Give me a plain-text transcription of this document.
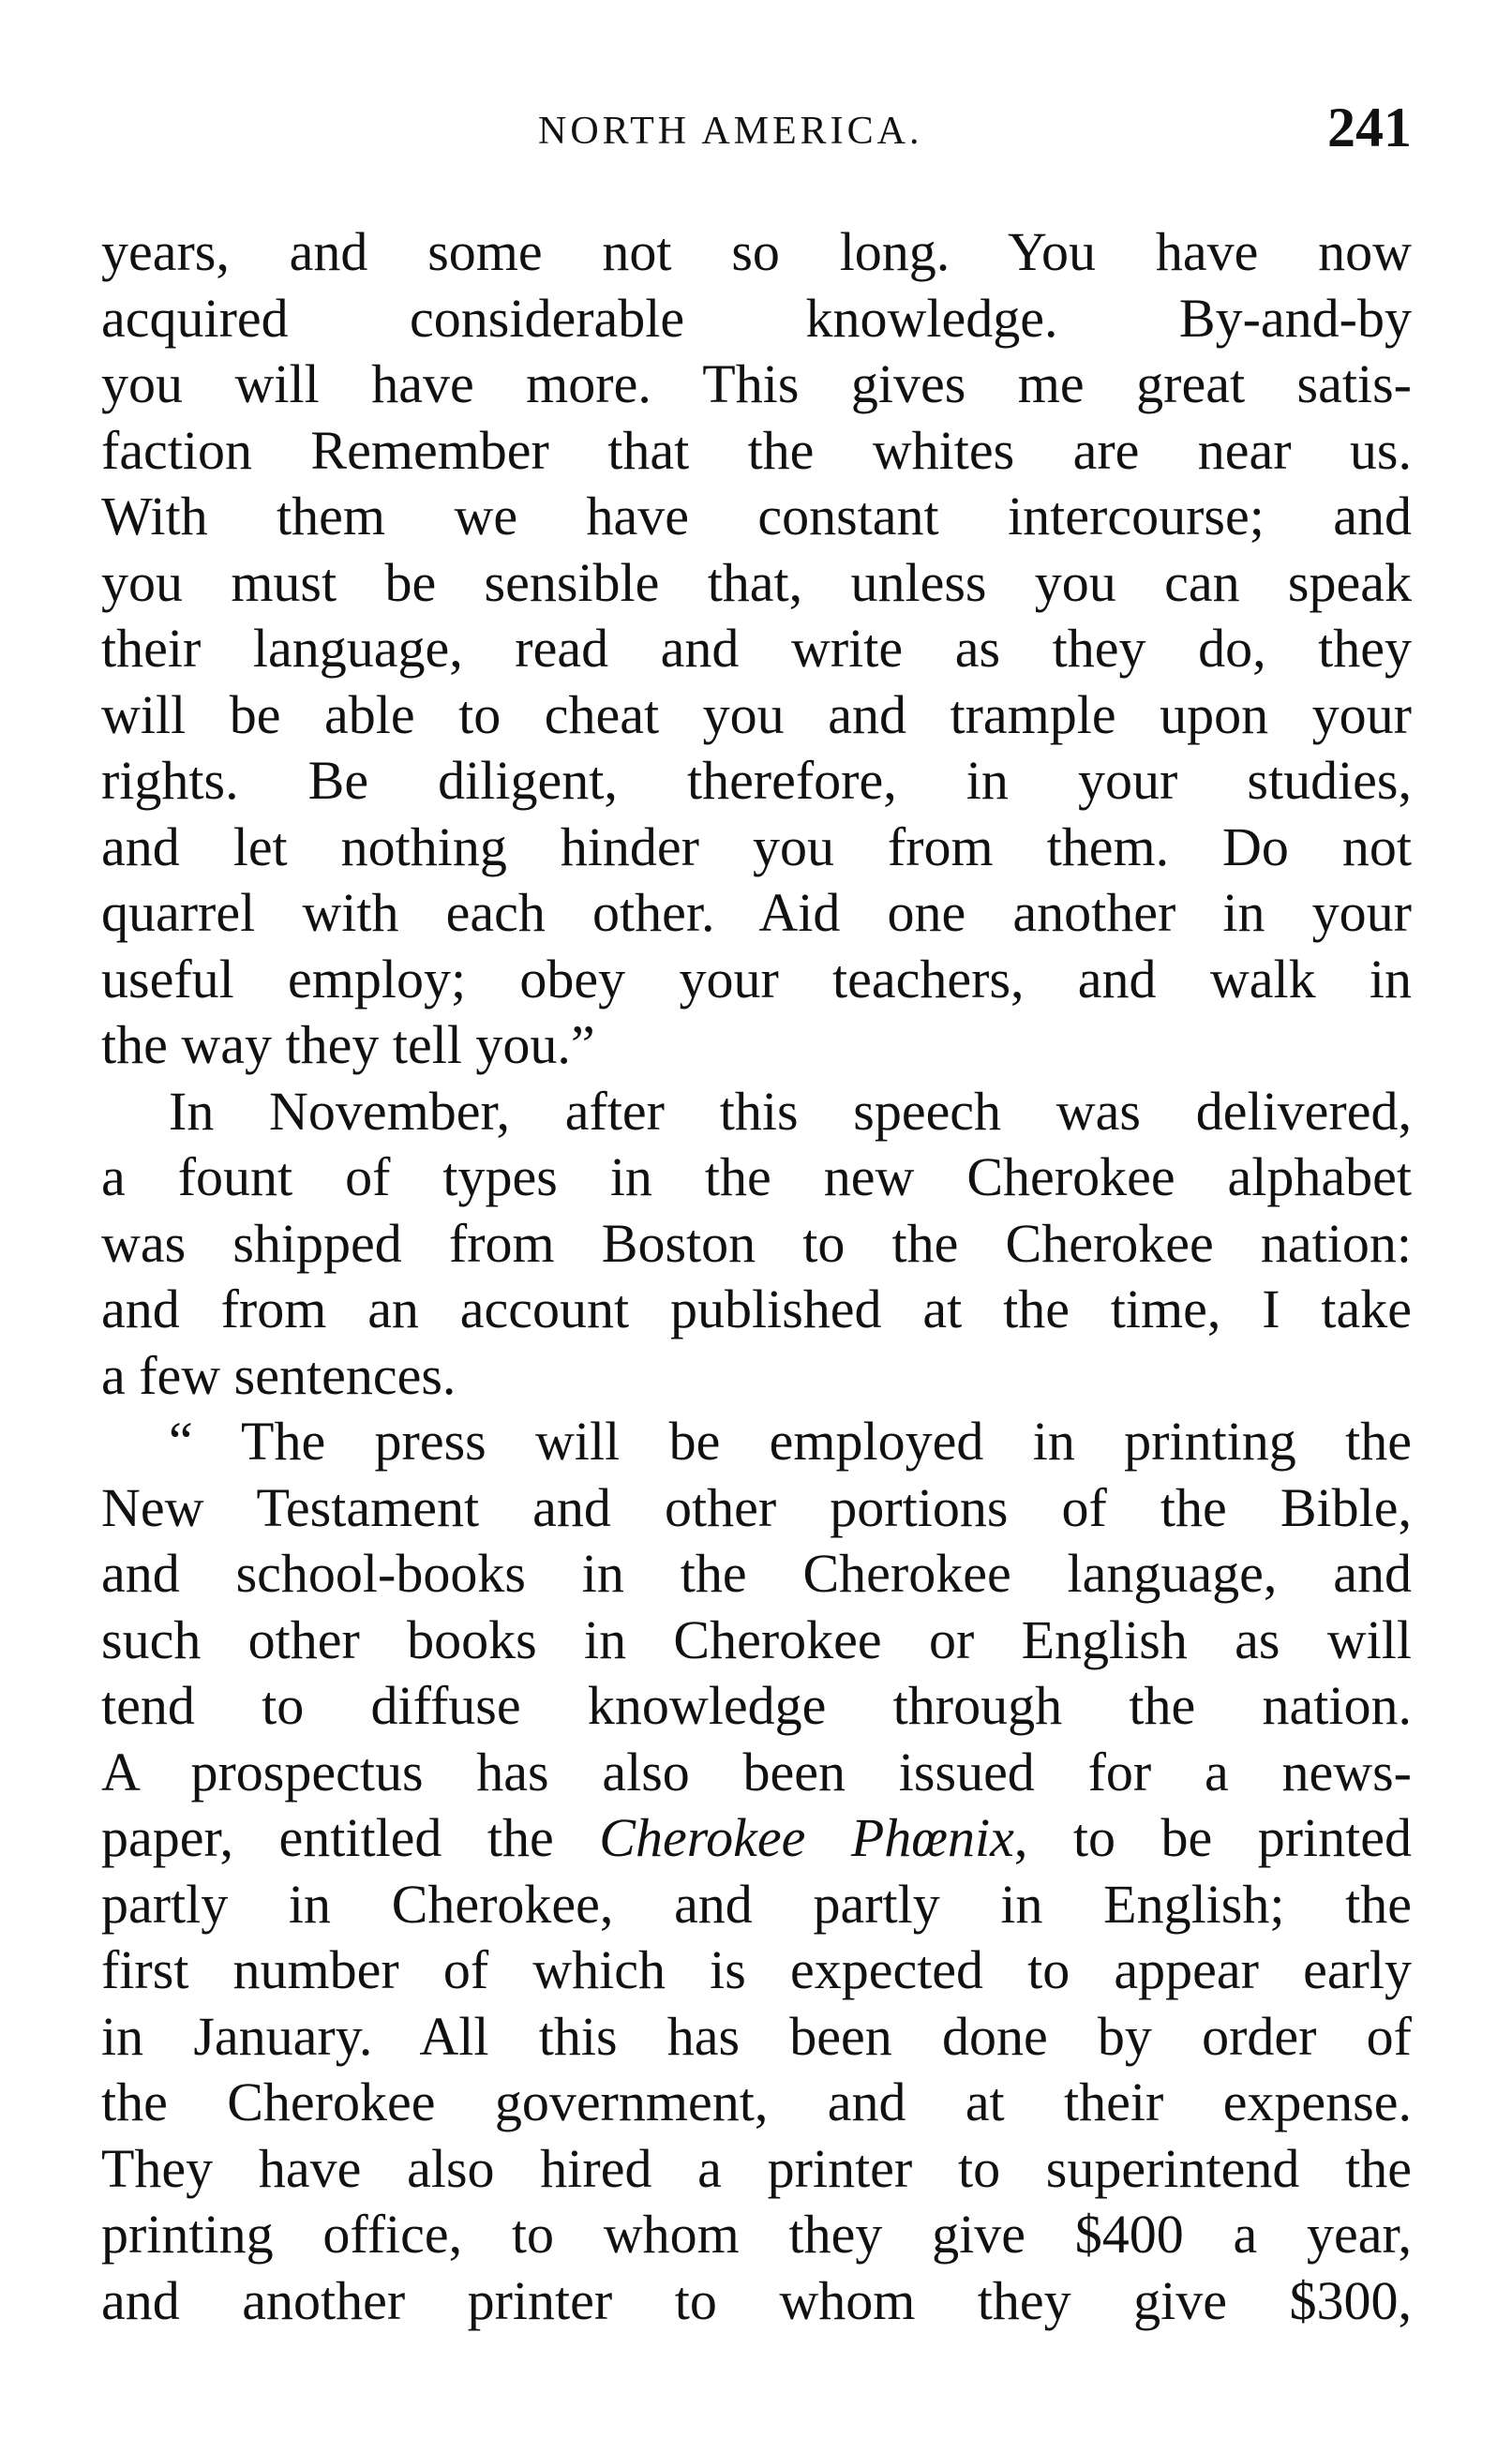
NORTH AMERICA.	241
years, and some not so long. You have now
acquired considerable knowledge. By-and-by
you will have more. This gives me great satis-
faction Remember that the whites are near us.
With them we have constant intercourse; and
you must be sensible that, unless you can speak
their language, read and write as they do, they
will be able to cheat you and trample upon your
rights. Be diligent, therefore, in your studies,
and let nothing hinder you from them. Do not
quarrel with each other. Aid one another in your
useful employ; obey your teachers, and walk in
the way they tell you.”
In November, after this speech was delivered,
a fount of types in the new Cherokee alphabet
was shipped from Boston to the Cherokee nation:
and from an account published at the time, I take
a few sentences.
“ The press will be employed in printing the
New Testament and other portions of the Bible,
and school-books in the Cherokee language, and
such other books in Cherokee or English as will
tend to diffuse knowledge through the nation.
A prospectus has also been issued for a news-
paper, entitled the Cherokee Phœnix, to be printed
partly in Cherokee, and partly in English; the
first number of which is expected to appear early
in January. All this has been done by order of
the Cherokee government, and at their expense.
They have also hired a printer to superintend the
printing office, to whom they give $400 a year,
and another printer to whom they give $300,
